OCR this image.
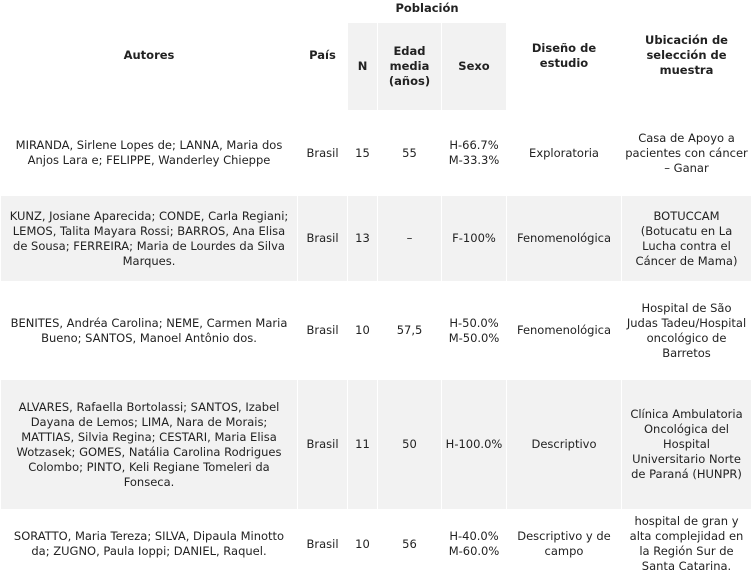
Autores	País	Población			Diseño de estudio	Ubicación de selección de muestra
		N	Edad media (años)	Sexo		
MIRANDA, Sirlene Lopes de; LANNA, Maria dos Anjos Lara e; FELIPPE, Wanderley Chieppe	Brasil	15	55	H-66.7% M-33.3%	Exploratoria	Casa de Apoyo a pacientes con cáncer – Ganar
KUNZ, Josiane Aparecida; CONDE, Carla Regiani; LEMOS, Talita Mayara Rossi; BARROS, Ana Elisa de Sousa; FERREIRA; Maria de Lourdes da Silva Marques.	Brasil	13	–	F-100%	Fenomenológica	BOTUCCAM (Botucatu en La Lucha contra el Cáncer de Mama)
BENITES, Andréa Carolina; NEME, Carmen Maria Bueno; SANTOS, Manoel Antônio dos.	Brasil	10	57,5	H-50.0% M-50.0%	Fenomenológica	Hospital de São Judas Tadeu/Hospital oncológico de Barretos
ALVARES, Rafaella Bortolassi; SANTOS, Izabel Dayana de Lemos; LIMA, Nara de Morais; MATTIAS, Silvia Regina; CESTARI, Maria Elisa Wotzasek; GOMES, Natália Carolina Rodrigues Colombo; PINTO, Keli Regiane Tomeleri da Fonseca.	Brasil	11	50	H-100.0%	Descriptivo	Clínica Ambulatoria Oncológica del Hospital Universitario Norte de Paraná (HUNPR)
SORATTO, Maria Tereza; SILVA, Dipaula Minotto da; ZUGNO, Paula Ioppi; DANIEL, Raquel.	Brasil	10	56	H-40.0% M-60.0%	Descriptivo y de campo	hospital de gran y alta complejidad en la Región Sur de Santa Catarina.
